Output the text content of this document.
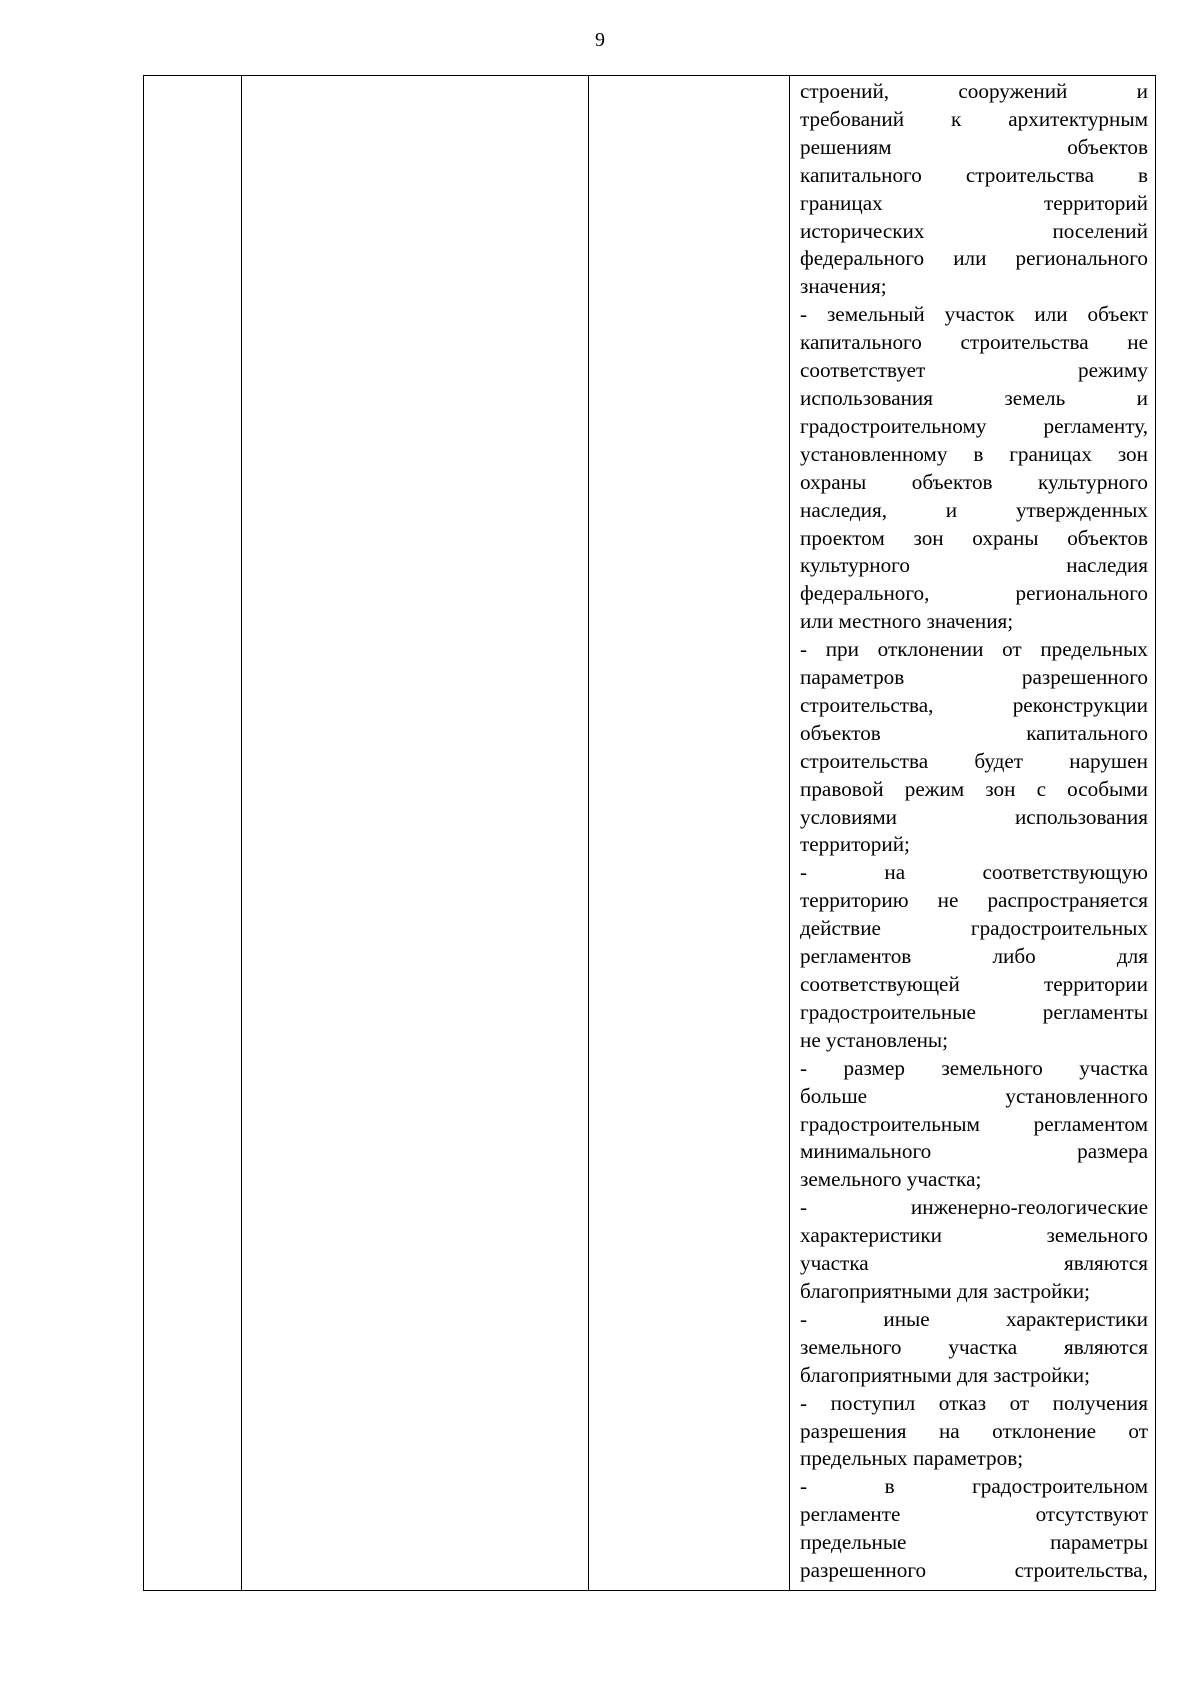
9

строений, сооружений и
требований к архитектурным
решениям объектов
капитального строительства в
границах территорий
исторических поселений
федерального или регионального
значения;
- земельный участок или объект
капитального строительства не
соответствует режиму
использования земель и
градостроительному регламенту,
установленному в границах зон
охраны объектов культурного
наследия, и утвержденных
проектом зон охраны объектов
культурного наследия
федерального, регионального
или местного значения;
- при отклонении от предельных
параметров разрешенного
строительства, реконструкции
объектов капитального
строительства будет нарушен
правовой режим зон с особыми
условиями использования
территорий;
- на соответствующую
территорию не распространяется
действие градостроительных
регламентов либо для
соответствующей территории
градостроительные регламенты
не установлены;
- размер земельного участка
больше установленного
градостроительным регламентом
минимального размера
земельного участка;
- инженерно-геологические
характеристики земельного
участка являются
благоприятными для застройки;
- иные характеристики
земельного участка являются
благоприятными для застройки;
- поступил отказ от получения
разрешения на отклонение от
предельных параметров;
- в градостроительном
регламенте отсутствуют
предельные параметры
разрешенного строительства,
